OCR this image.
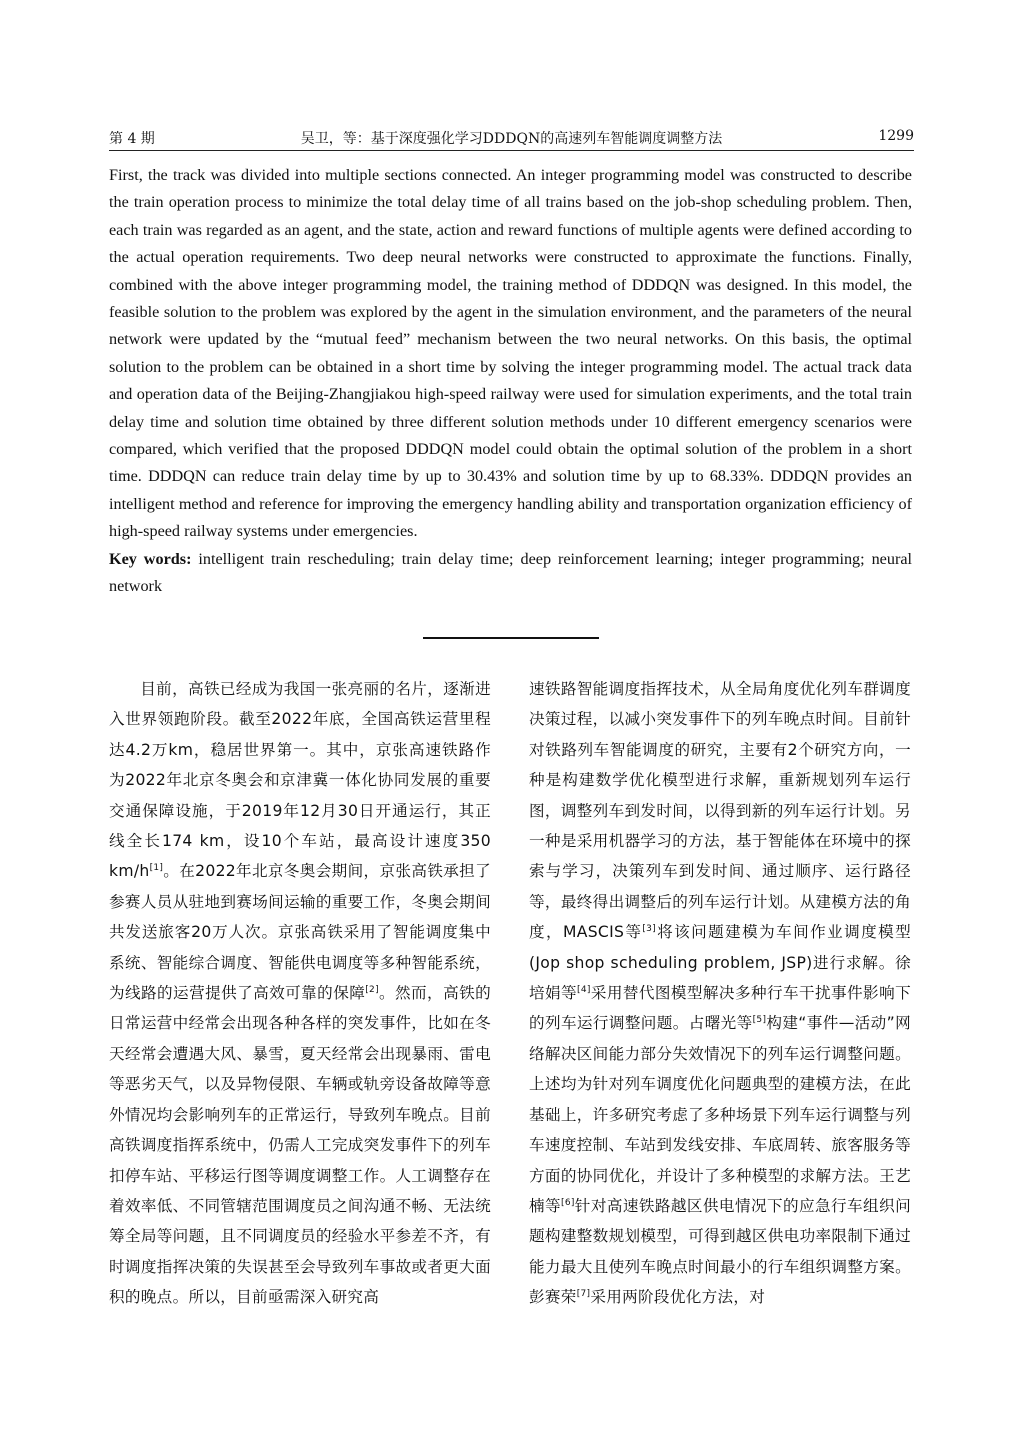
第 4 期	吴卫，等：基于深度强化学习DDDQN的高速列车智能调度调整方法	1299

First, the track was divided into multiple sections connected. An integer programming model was constructed to describe the train operation process to minimize the total delay time of all trains based on the job-shop scheduling problem. Then, each train was regarded as an agent, and the state, action and reward functions of multiple agents were defined according to the actual operation requirements. Two deep neural networks were constructed to approximate the functions. Finally, combined with the above integer programming model, the training method of DDDQN was designed. In this model, the feasible solution to the problem was explored by the agent in the simulation environment, and the parameters of the neural network were updated by the “mutual feed” mechanism between the two neural networks. On this basis, the optimal solution to the problem can be obtained in a short time by solving the integer programming model. The actual track data and operation data of the Beijing-Zhangjiakou high-speed railway were used for simulation experiments, and the total train delay time and solution time obtained by three different solution methods under 10 different emergency scenarios were compared, which verified that the proposed DDDQN model could obtain the optimal solution of the problem in a short time. DDDQN can reduce train delay time by up to 30.43% and solution time by up to 68.33%. DDDQN provides an intelligent method and reference for improving the emergency handling ability and transportation organization efficiency of high-speed railway systems under emergencies.

Key words: intelligent train rescheduling; train delay time; deep reinforcement learning; integer programming; neural network

目前，高铁已经成为我国一张亮丽的名片，逐渐进入世界领跑阶段。截至2022年底，全国高铁运营里程达4.2万km，稳居世界第一。其中，京张高速铁路作为2022年北京冬奥会和京津冀一体化协同发展的重要交通保障设施，于2019年12月30日开通运行，其正线全长174 km，设10个车站，最高设计速度350 km/h[1]。在2022年北京冬奥会期间，京张高铁承担了参赛人员从驻地到赛场间运输的重要工作，冬奥会期间共发送旅客20万人次。京张高铁采用了智能调度集中系统、智能综合调度、智能供电调度等多种智能系统，为线路的运营提供了高效可靠的保障[2]。然而，高铁的日常运营中经常会出现各种各样的突发事件，比如在冬天经常会遭遇大风、暴雪，夏天经常会出现暴雨、雷电等恶劣天气，以及异物侵限、车辆或轨旁设备故障等意外情况均会影响列车的正常运行，导致列车晚点。目前高铁调度指挥系统中，仍需人工完成突发事件下的列车扣停车站、平移运行图等调度调整工作。人工调整存在着效率低、不同管辖范围调度员之间沟通不畅、无法统筹全局等问题，且不同调度员的经验水平参差不齐，有时调度指挥决策的失误甚至会导致列车事故或者更大面积的晚点。所以，目前亟需深入研究高

速铁路智能调度指挥技术，从全局角度优化列车群调度决策过程，以减小突发事件下的列车晚点时间。目前针对铁路列车智能调度的研究，主要有2个研究方向，一种是构建数学优化模型进行求解，重新规划列车运行图，调整列车到发时间，以得到新的列车运行计划。另一种是采用机器学习的方法，基于智能体在环境中的探索与学习，决策列车到发时间、通过顺序、运行路径等，最终得出调整后的列车运行计划。从建模方法的角度，MASCIS等[3]将该问题建模为车间作业调度模型(Jop shop scheduling problem, JSP)进行求解。徐培娟等[4]采用替代图模型解决多种行车干扰事件影响下的列车运行调整问题。占曙光等[5]构建“事件—活动”网络解决区间能力部分失效情况下的列车运行调整问题。上述均为针对列车调度优化问题典型的建模方法，在此基础上，许多研究考虑了多种场景下列车运行调整与列车速度控制、车站到发线安排、车底周转、旅客服务等方面的协同优化，并设计了多种模型的求解方法。王艺楠等[6]针对高速铁路越区供电情况下的应急行车组织问题构建整数规划模型，可得到越区供电功率限制下通过能力最大且使列车晚点时间最小的行车组织调整方案。彭赛荣[7]采用两阶段优化方法，对
